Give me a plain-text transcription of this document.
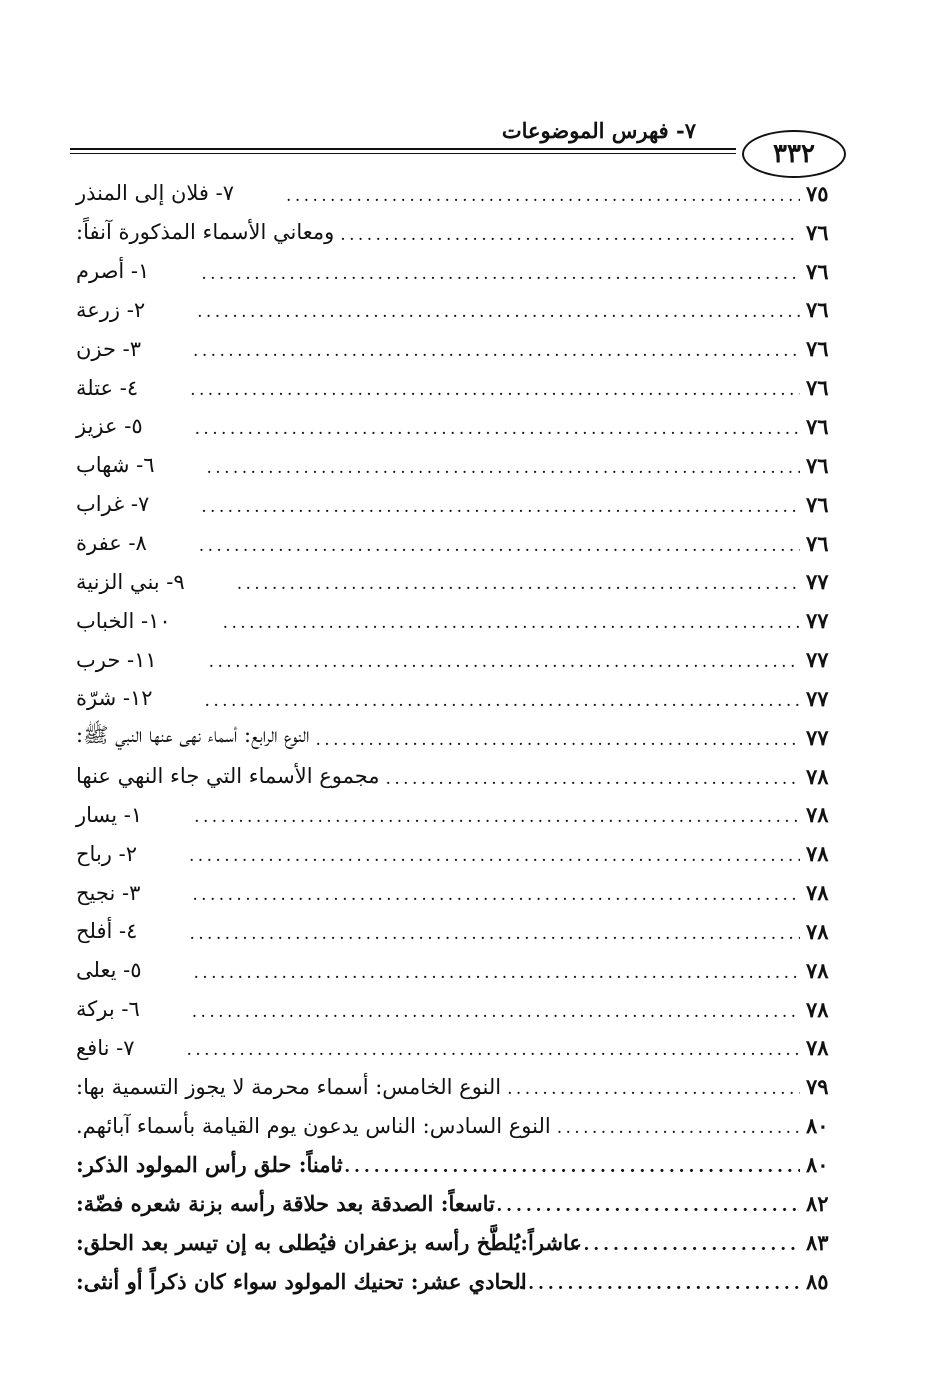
٧- فهرس الموضوعات
٣٣٢
٧- فلان إلى المنذر . . .	٧٥
ومعاني الأسماء المذكورة آنفاً: . . .	٧٦
١- أصرم . . .	٧٦
٢- زرعة . . .	٧٦
٣- حزن . . .	٧٦
٤- عتلة . . .	٧٦
٥- عزيز . . .	٧٦
٦- شهاب . . .	٧٦
٧- غراب . . .	٧٦
٨- عفرة . . .	٧٦
٩- بني الزنية . . .	٧٧
١٠- الخباب . . .	٧٧
١١- حرب . . .	٧٧
١٢- شرّة . . .	٧٧
النوع الرابع: أسماء نهى عنها النبي ﷺ: . . .	٧٧
مجموع الأسماء التي جاء النهي عنها . . .	٧٨
١- يسار . . .	٧٨
٢- رباح . . .	٧٨
٣- نجيح . . .	٧٨
٤- أفلح . . .	٧٨
٥- يعلى . . .	٧٨
٦- بركة . . .	٧٨
٧- نافع . . .	٧٨
النوع الخامس: أسماء محرمة لا يجوز التسمية بها: . . .	٧٩
النوع السادس: الناس يدعون يوم القيامة بأسماء آبائهم. . . .	٨٠
ثامناً: حلق رأس المولود الذكر: . . .	٨٠
تاسعاً: الصدقة بعد حلاقة رأسه بزنة شعره فضّة: . . .	٨٢
عاشراً:يُلطَّخ رأسه بزعفران فيُطلى به إن تيسر بعد الحلق: . . .	٨٣
الحادي عشر: تحنيك المولود سواء كان ذكراً أو أنثى: . . .	٨٥
